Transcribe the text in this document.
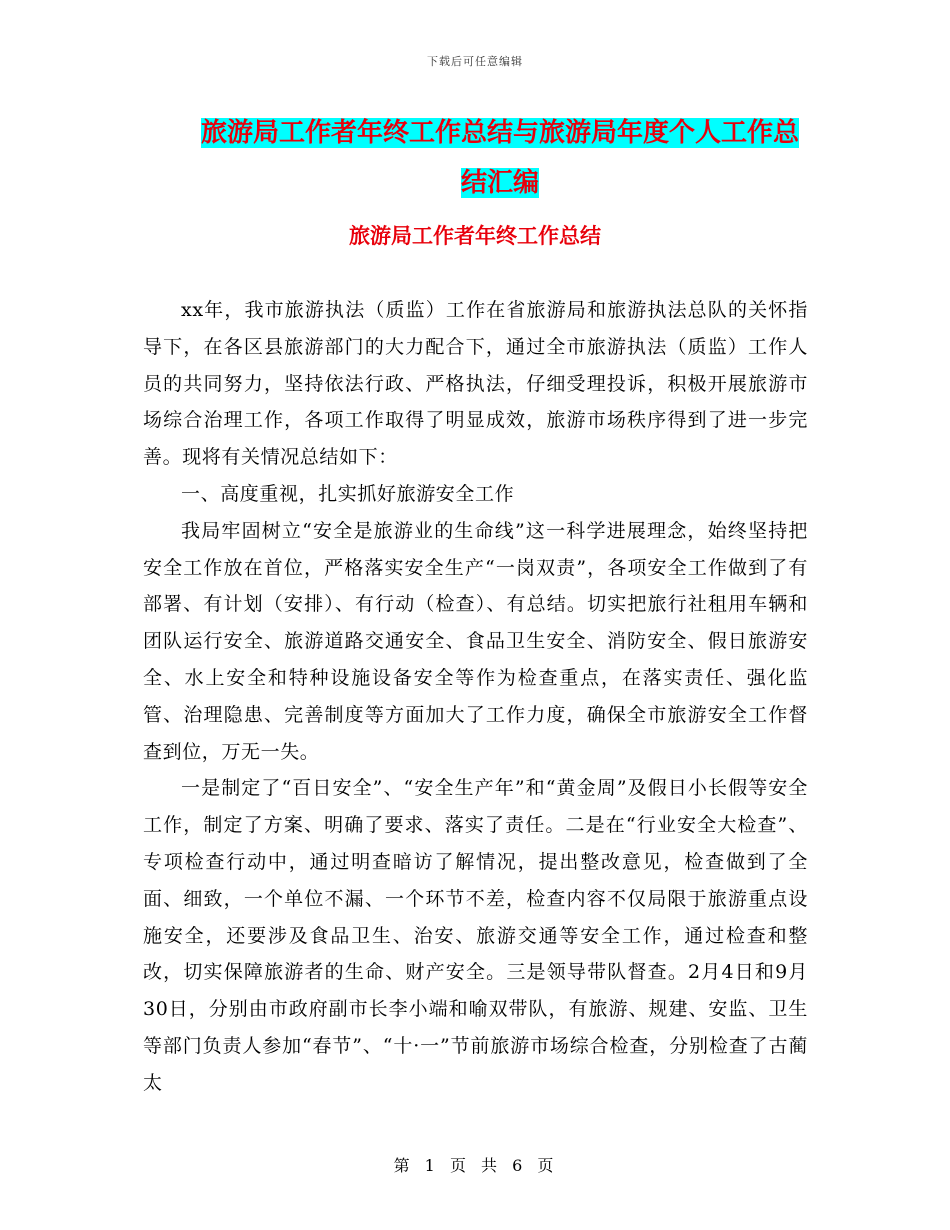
下载后可任意编辑
旅游局工作者年终工作总结与旅游局年度个人工作总
结汇编
旅游局工作者年终工作总结

xx年，我市旅游执法（质监）工作在省旅游局和旅游执法总队的关怀指导下，在各区县旅游部门的大力配合下，通过全市旅游执法（质监）工作人员的共同努力，坚持依法行政、严格执法，仔细受理投诉，积极开展旅游市场综合治理工作，各项工作取得了明显成效，旅游市场秩序得到了进一步完善。现将有关情况总结如下：

一、高度重视，扎实抓好旅游安全工作

我局牢固树立“安全是旅游业的生命线”这一科学进展理念，始终坚持把安全工作放在首位，严格落实安全生产“一岗双责”，各项安全工作做到了有部署、有计划（安排）、有行动（检查）、有总结。切实把旅行社租用车辆和团队运行安全、旅游道路交通安全、食品卫生安全、消防安全、假日旅游安全、水上安全和特种设施设备安全等作为检查重点，在落实责任、强化监管、治理隐患、完善制度等方面加大了工作力度，确保全市旅游安全工作督查到位，万无一失。

一是制定了“百日安全”、“安全生产年”和“黄金周”及假日小长假等安全工作，制定了方案、明确了要求、落实了责任。二是在“行业安全大检查”、专项检查行动中，通过明查暗访了解情况，提出整改意见，检查做到了全面、细致，一个单位不漏、一个环节不差，检查内容不仅局限于旅游重点设施安全，还要涉及食品卫生、治安、旅游交通等安全工作，通过检查和整改，切实保障旅游者的生命、财产安全。三是领导带队督查。2月4日和9月30日，分别由市政府副市长李小端和喻双带队，有旅游、规建、安监、卫生等部门负责人参加“春节”、“十·一”节前旅游市场综合检查，分别检查了古蔺太

第 1 页 共 6 页
